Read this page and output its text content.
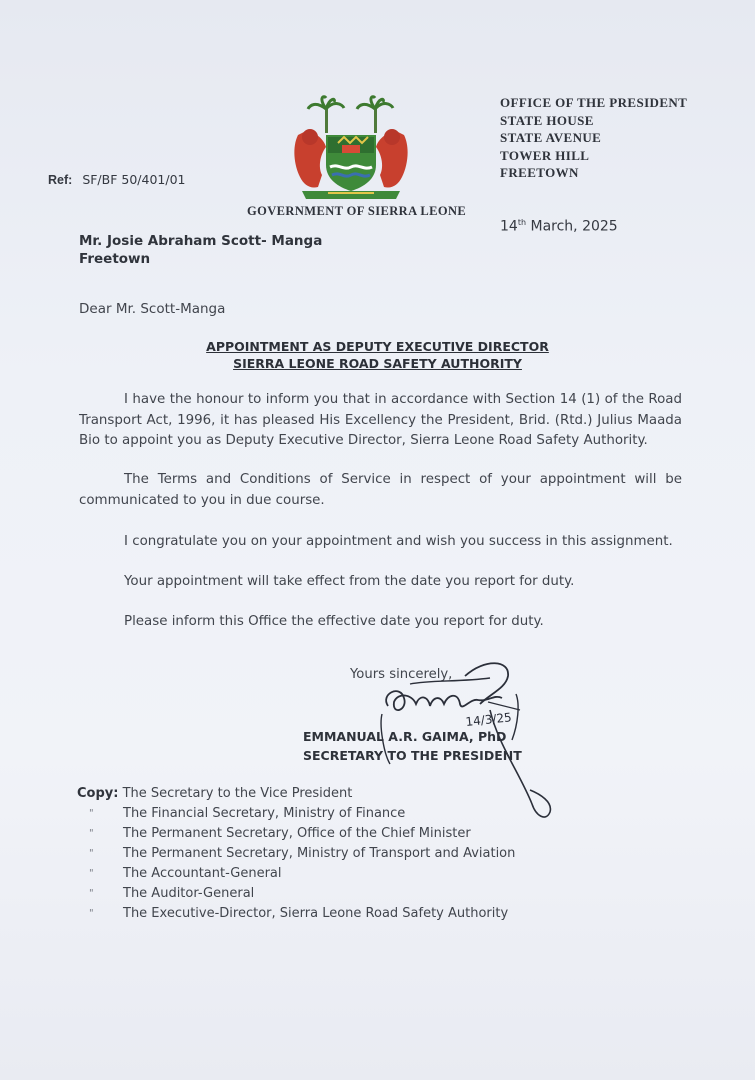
OFFICE OF THE PRESIDENT
STATE HOUSE
STATE AVENUE
TOWER HILL
FREETOWN
Ref: SF/BF 50/401/01
GOVERNMENT OF SIERRA LEONE
14th March, 2025
Mr. Josie Abraham Scott- Manga
Freetown
Dear Mr. Scott-Manga
APPOINTMENT AS DEPUTY EXECUTIVE DIRECTOR
SIERRA LEONE ROAD SAFETY AUTHORITY
I have the honour to inform you that in accordance with Section 14 (1) of the Road Transport Act, 1996, it has pleased His Excellency the President, Brid. (Rtd.) Julius Maada Bio to appoint you as Deputy Executive Director, Sierra Leone Road Safety Authority.
The Terms and Conditions of Service in respect of your appointment will be communicated to you in due course.
I congratulate you on your appointment and wish you success in this assignment.
Your appointment will take effect from the date you report for duty.
Please inform this Office the effective date you report for duty.
Yours sincerely,
14/3/25
EMMANUAL A.R. GAIMA, PhD
SECRETARY TO THE PRESIDENT
Copy: The Secretary to the Vice President
" The Financial Secretary, Ministry of Finance
" The Permanent Secretary, Office of the Chief Minister
" The Permanent Secretary, Ministry of Transport and Aviation
" The Accountant-General
" The Auditor-General
" The Executive-Director, Sierra Leone Road Safety Authority
